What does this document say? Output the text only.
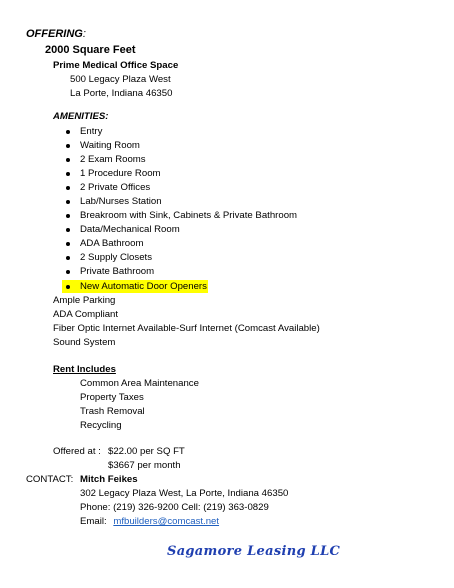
OFFERING:
2000 Square Feet
Prime Medical Office Space
500 Legacy Plaza West
La Porte, Indiana 46350
AMENITIES:
Entry
Waiting Room
2 Exam Rooms
1 Procedure Room
2 Private Offices
Lab/Nurses Station
Breakroom with Sink, Cabinets & Private Bathroom
Data/Mechanical Room
ADA Bathroom
2 Supply Closets
Private Bathroom
New Automatic Door Openers
Ample Parking
ADA Compliant
Fiber Optic Internet Available-Surf Internet (Comcast Available)
Sound System
Rent Includes
Common Area Maintenance
Property Taxes
Trash Removal
Recycling
Offered at : $22.00 per SQ FT
$3667 per month
CONTACT: Mitch Feikes
302 Legacy Plaza West, La Porte, Indiana 46350
Phone: (219) 326-9200 Cell: (219) 363-0829
Email: mfbuilders@comcast.net
Sagamore Leasing LLC
